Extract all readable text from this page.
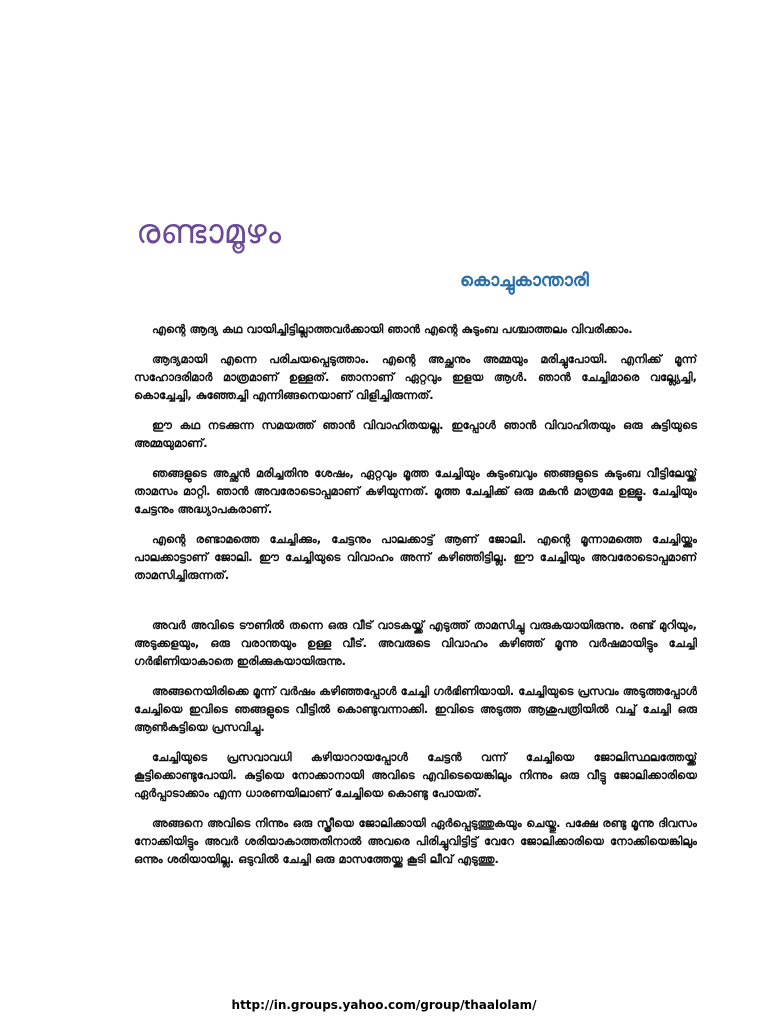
രണ്ടാമൂഴം
കൊച്ചുകാന്താരി

എന്റെ ആദ്യ കഥ വായിച്ചിട്ടില്ലാത്തവർക്കായി ഞാൻ എന്റെ കുടുംബ പശ്ചാത്തലം വിവരിക്കാം.

ആദ്യമായി എന്നെ പരിചയപ്പെടുത്താം. എന്റെ അച്ഛനും അമ്മയും മരിച്ചുപോയി. എനിക്ക് മൂന്ന് സഹോദരിമാർ മാത്രമാണ് ഉള്ളത്. ഞാനാണ് ഏറ്റവും ഇളയ ആൾ. ഞാൻ ചേച്ചിമാരെ വല്ല്യേച്ചി, കൊച്ചേച്ചി, കുഞ്ഞേച്ചി എന്നിങ്ങനെയാണ് വിളിച്ചിരുന്നത്.

ഈ കഥ നടക്കുന്ന സമയത്ത് ഞാൻ വിവാഹിതയല്ല. ഇപ്പോൾ ഞാൻ വിവാഹിതയും ഒരു കുട്ടിയുടെ അമ്മയുമാണ്.

ഞങ്ങളുടെ അച്ഛൻ മരിച്ചതിനു ശേഷം, ഏറ്റവും മൂത്ത ചേച്ചിയും കുടുംബവും ഞങ്ങളുടെ കുടുംബ വീട്ടിലേയ്ക്ക് താമസം മാറ്റി. ഞാൻ അവരോടൊപ്പമാണ് കഴിയുന്നത്. മൂത്ത ചേച്ചിക്ക് ഒരു മകൻ മാത്രമേ ഉള്ളൂ. ചേച്ചിയും ചേട്ടനും അദ്ധ്യാപകരാണ്.

എന്റെ രണ്ടാമത്തെ ചേച്ചിക്കും, ചേട്ടനും പാലക്കാട്ട് ആണ് ജോലി. എന്റെ മൂന്നാമത്തെ ചേച്ചിയ്ക്കും പാലക്കാട്ടാണ് ജോലി. ഈ ചേച്ചിയുടെ വിവാഹം അന്ന് കഴിഞ്ഞിട്ടില്ല. ഈ ചേച്ചിയും അവരോടൊപ്പമാണ് താമസിച്ചിരുന്നത്.

അവർ അവിടെ ടൗണിൽ തന്നെ ഒരു വീട് വാടകയ്ക്ക് എടുത്ത് താമസിച്ചു വരുകയായിരുന്നു. രണ്ട് മുറിയും, അടുക്കളയും, ഒരു വരാന്തയും ഉള്ള വീട്. അവരുടെ വിവാഹം കഴിഞ്ഞ് മൂന്നു വർഷമായിട്ടും ചേച്ചി ഗർഭിണിയാകാതെ ഇരിക്കുകയായിരുന്നു.

അങ്ങനെയിരിക്കെ മൂന്ന് വർഷം കഴിഞ്ഞപ്പോൾ ചേച്ചി ഗർഭിണിയായി. ചേച്ചിയുടെ പ്രസവം അടുത്തപ്പോൾ ചേച്ചിയെ ഇവിടെ ഞങ്ങളുടെ വീട്ടിൽ കൊണ്ടുവന്നാക്കി. ഇവിടെ അടുത്ത ആശുപത്രിയിൽ വച്ച് ചേച്ചി ഒരു ആൺകുട്ടിയെ പ്രസവിച്ചു.

ചേച്ചിയുടെ പ്രസവാവധി കഴിയാറായപ്പോൾ ചേട്ടൻ വന്ന് ചേച്ചിയെ ജോലിസ്ഥലത്തേയ്ക്ക് കൂട്ടിക്കൊണ്ടുപോയി. കുട്ടിയെ നോക്കാനായി അവിടെ എവിടെയെങ്കിലും നിന്നും ഒരു വീട്ടു ജോലിക്കാരിയെ ഏർപ്പാടാക്കാം എന്ന ധാരണയിലാണ് ചേച്ചിയെ കൊണ്ടു പോയത്.

അങ്ങനെ അവിടെ നിന്നും ഒരു സ്ത്രീയെ ജോലിക്കായി ഏർപ്പെടുത്തുകയും ചെയ്തു. പക്ഷേ രണ്ടു മൂന്നു ദിവസം നോക്കിയിട്ടും അവർ ശരിയാകാത്തതിനാൽ അവരെ പിരിച്ചുവിട്ടിട്ട് വേറേ ജോലിക്കാരിയെ നോക്കിയെങ്കിലും ഒന്നും ശരിയായില്ല. ഒടുവിൽ ചേച്ചി ഒരു മാസത്തേയ്ക്കു കൂടി ലീവ് എടുത്തു.

http://in.groups.yahoo.com/group/thaalolam/
